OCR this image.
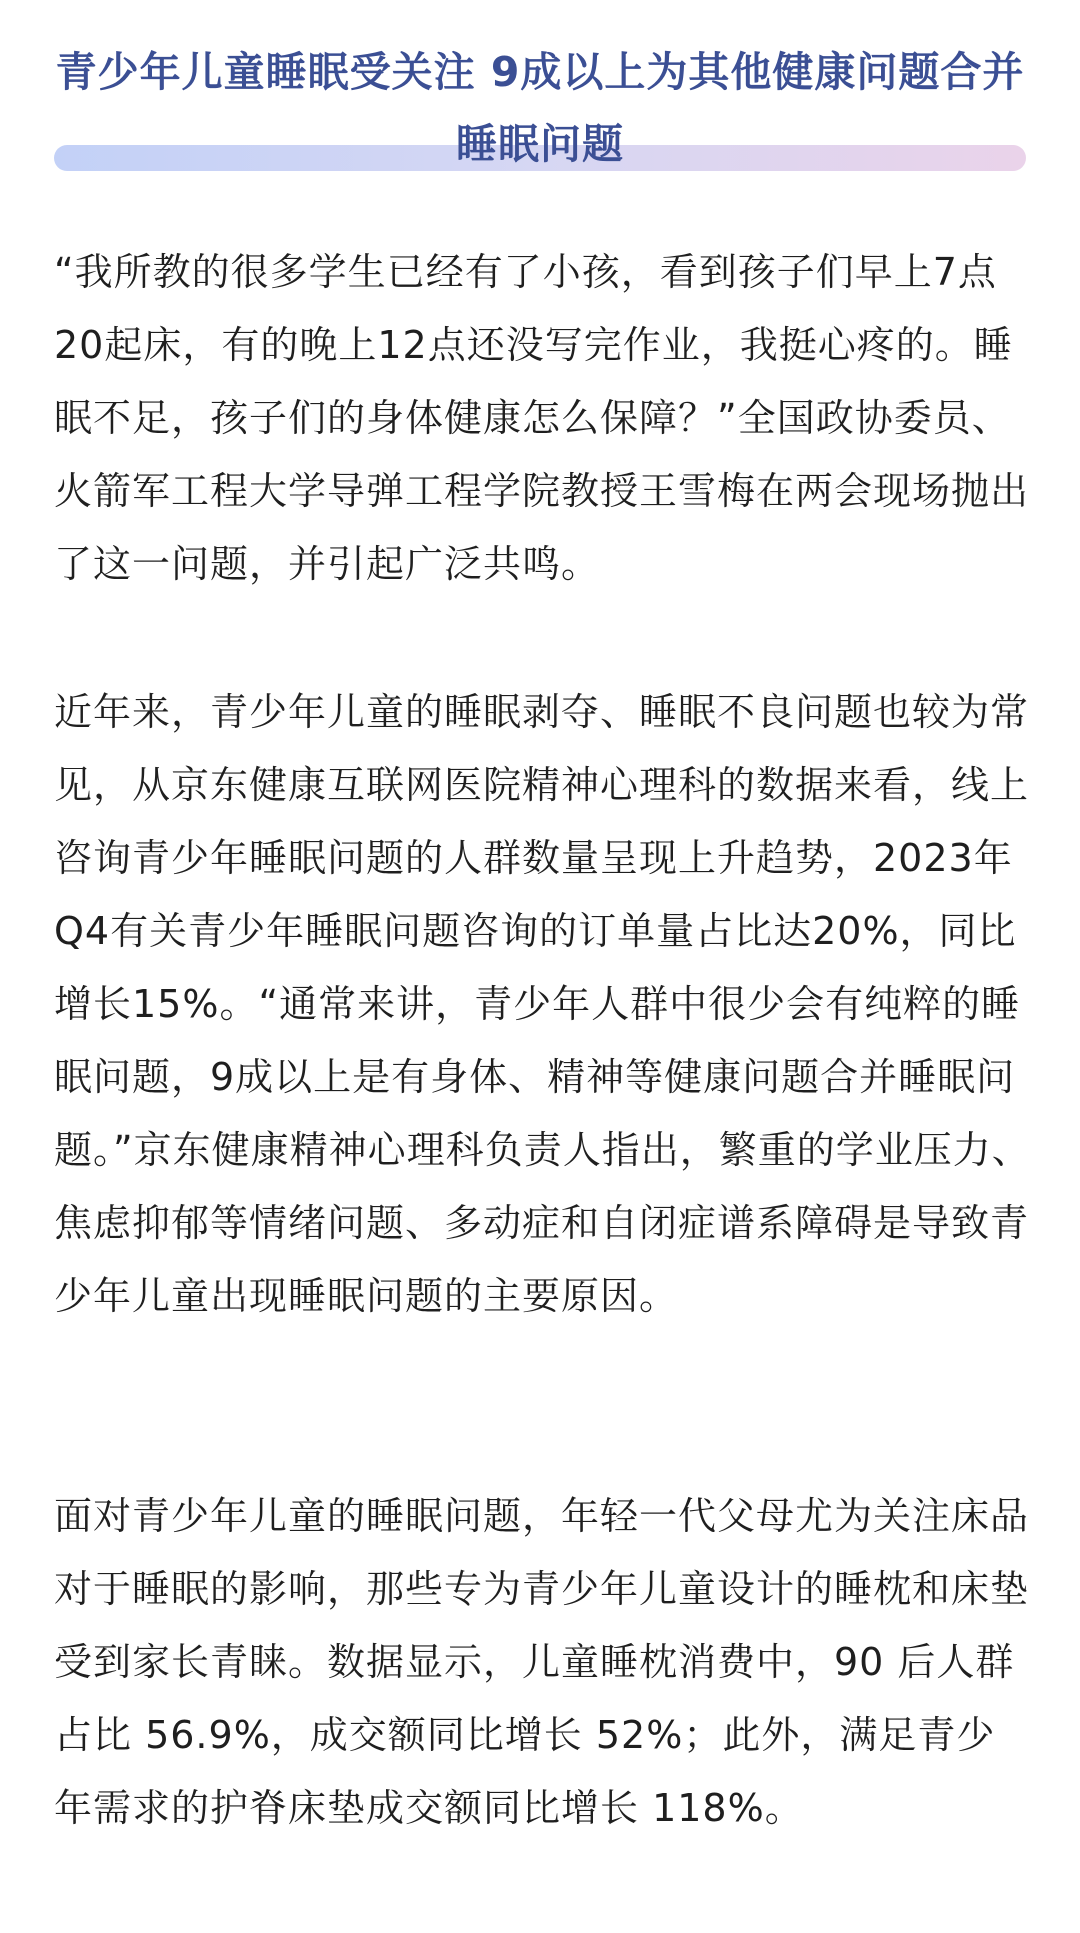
青少年儿童睡眠受关注 9成以上为其他健康问题合并睡眠问题

“我所教的很多学生已经有了小孩，看到孩子们早上7点20起床，有的晚上12点还没写完作业，我挺心疼的。睡眠不足，孩子们的身体健康怎么保障？”全国政协委员、火箭军工程大学导弹工程学院教授王雪梅在两会现场抛出了这一问题，并引起广泛共鸣。

近年来，青少年儿童的睡眠剥夺、睡眠不良问题也较为常见，从京东健康互联网医院精神心理科的数据来看，线上咨询青少年睡眠问题的人群数量呈现上升趋势，2023年Q4有关青少年睡眠问题咨询的订单量占比达20%，同比增长15%。“通常来讲，青少年人群中很少会有纯粹的睡眠问题，9成以上是有身体、精神等健康问题合并睡眠问题。”京东健康精神心理科负责人指出，繁重的学业压力、焦虑抑郁等情绪问题、多动症和自闭症谱系障碍是导致青少年儿童出现睡眠问题的主要原因。

面对青少年儿童的睡眠问题，年轻一代父母尤为关注床品对于睡眠的影响，那些专为青少年儿童设计的睡枕和床垫受到家长青睐。数据显示，儿童睡枕消费中，90 后人群占比 56.9%，成交额同比增长 52%；此外，满足青少年需求的护脊床垫成交额同比增长 118%。
